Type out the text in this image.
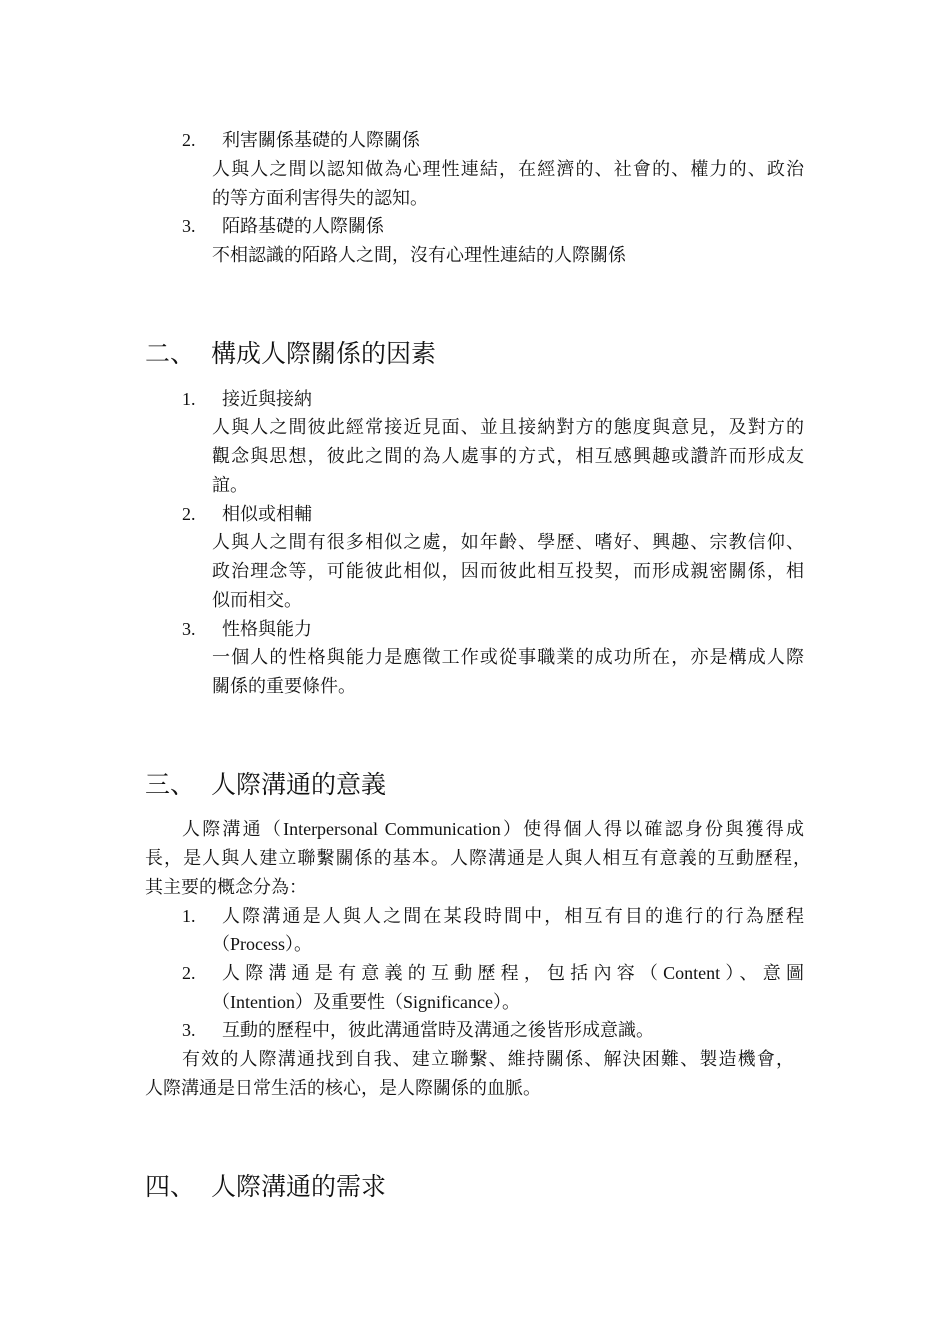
2. 利害關係基礎的人際關係
人與人之間以認知做為心理性連結，在經濟的、社會的、權力的、政治
的等方面利害得失的認知。
3. 陌路基礎的人際關係
不相認識的陌路人之間，沒有心理性連結的人際關係
二、 構成人際關係的因素
1. 接近與接納
人與人之間彼此經常接近見面、並且接納對方的態度與意見，及對方的
觀念與思想，彼此之間的為人處事的方式，相互感興趣或讚許而形成友
誼。
2. 相似或相輔
人與人之間有很多相似之處，如年齡、學歷、嗜好、興趣、宗教信仰、
政治理念等，可能彼此相似，因而彼此相互投契，而形成親密關係，相
似而相交。
3. 性格與能力
一個人的性格與能力是應徵工作或從事職業的成功所在，亦是構成人際
關係的重要條件。
三、 人際溝通的意義
人際溝通（Interpersonal Communication）使得個人得以確認身份與獲得成
長，是人與人建立聯繫關係的基本。人際溝通是人與人相互有意義的互動歷程，
其主要的概念分為：
1. 人際溝通是人與人之間在某段時間中，相互有目的進行的行為歷程
（Process）。
2. 人際溝通是有意義的互動歷程，包括內容（Content）、意圖
（Intention）及重要性（Significance）。
3. 互動的歷程中，彼此溝通當時及溝通之後皆形成意識。
有效的人際溝通找到自我、建立聯繫、維持關係、解決困難、製造機會，
人際溝通是日常生活的核心，是人際關係的血脈。
四、 人際溝通的需求
